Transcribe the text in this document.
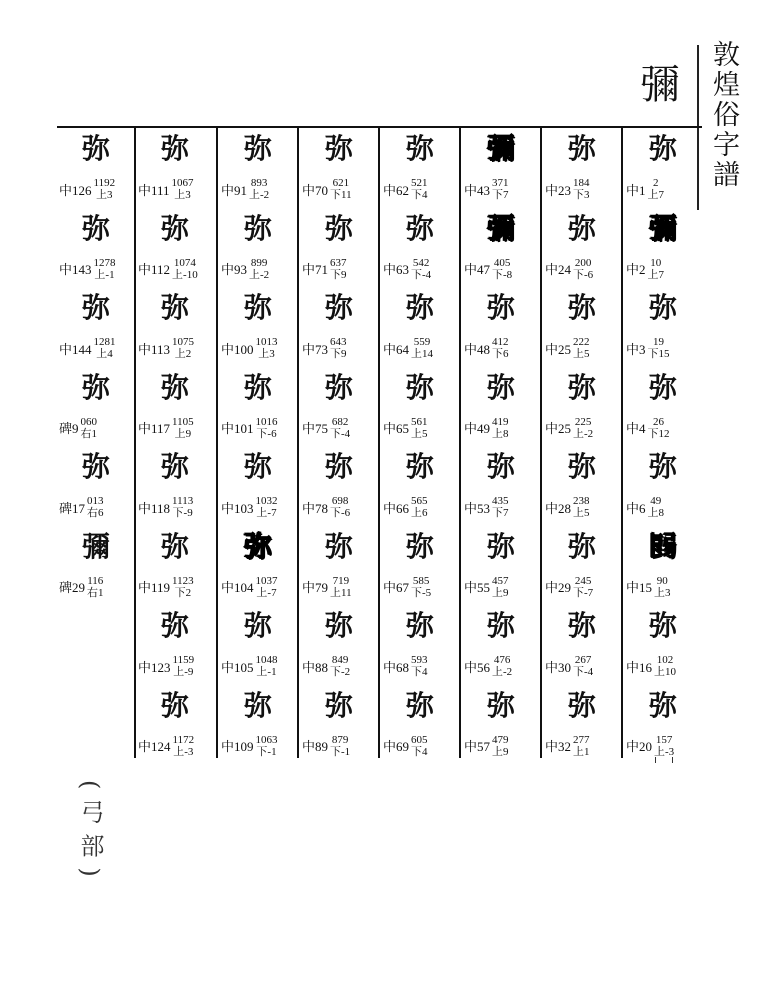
敦煌俗字譜
彌
弥
中1 2
上7
彌
中2 10
上7
弥
中3 19
下15
弥
中4 26
下12
弥
中6 49
上8
𢏽
中15 90
上3
弥
中16 102
上10
弥
中20 157
上-3
弥
中23 184
下3
弥
中24 200
下-6
弥
中25 222
上5
弥
中25 225
上-2
弥
中28 238
上5
弥
中29 245
下-7
弥
中30 267
下-4
弥
中32 277
上1
彌
中43 371
下7
彌
中47 405
下-8
弥
中48 412
下6
弥
中49 419
上8
弥
中53 435
下7
弥
中55 457
上9
弥
中56 476
上-2
弥
中57 479
上9
弥
中62 521
下4
弥
中63 542
下-4
弥
中64 559
上14
弥
中65 561
上5
弥
中66 565
上6
弥
中67 585
下-5
弥
中68 593
下4
弥
中69 605
下4
弥
中70 621
下11
弥
中71 637
下9
弥
中73 643
下9
弥
中75 682
下-4
弥
中78 698
下-6
弥
中79 719
上11
弥
中88 849
下-2
弥
中89 879
下-1
弥
中91 893
上-2
弥
中93 899
上-2
弥
中100 1013
上3
弥
中101 1016
下-6
弥
中103 1032
上-7
弥
中104 1037
上-7
弥
中105 1048
上-1
弥
中109 1063
下-1
弥
中111 1067
上3
弥
中112 1074
上-10
弥
中113 1075
上2
弥
中117 1105
上9
弥
中118 1113
下-9
弥
中119 1123
下2
弥
中123 1159
上-9
弥
中124 1172
上-3
弥
中126 1192
上3
弥
中143 1278
上-1
弥
中144 1281
上4
弥
碑9 060
右1
弥
碑17 013
右6
彌
碑29 116
右1
(弓部)
